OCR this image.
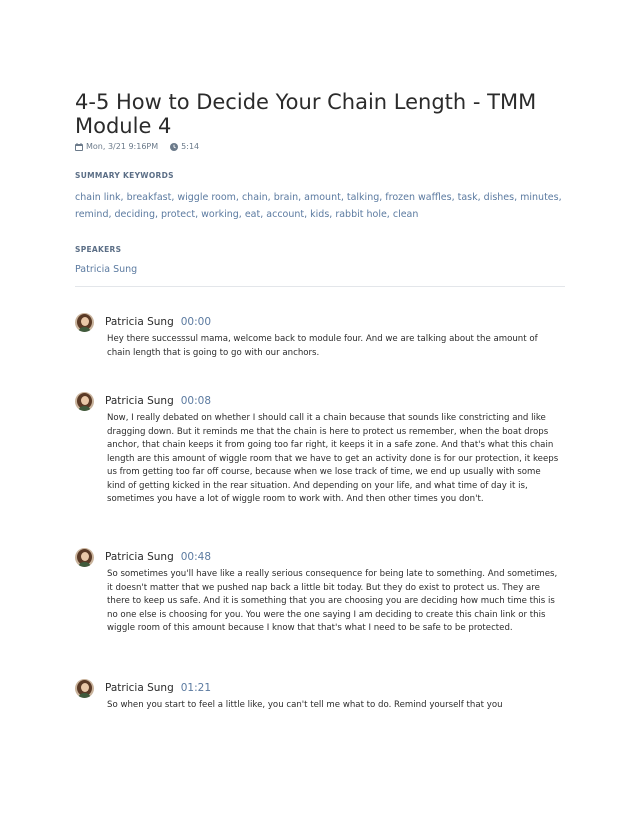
4-5 How to Decide Your Chain Length - TMM Module 4
Mon, 3/21 9:16PM	5:14
SUMMARY KEYWORDS
chain link, breakfast, wiggle room, chain, brain, amount, talking, frozen waffles, task, dishes, minutes, remind, deciding, protect, working, eat, account, kids, rabbit hole, clean
SPEAKERS
Patricia Sung
Patricia Sung 00:00
Hey there successsul mama, welcome back to module four. And we are talking about the amount of chain length that is going to go with our anchors.
Patricia Sung 00:08
Now, I really debated on whether I should call it a chain because that sounds like constricting and like dragging down. But it reminds me that the chain is here to protect us remember, when the boat drops anchor, that chain keeps it from going too far right, it keeps it in a safe zone. And that's what this chain length are this amount of wiggle room that we have to get an activity done is for our protection, it keeps us from getting too far off course, because when we lose track of time, we end up usually with some kind of getting kicked in the rear situation. And depending on your life, and what time of day it is, sometimes you have a lot of wiggle room to work with. And then other times you don't.
Patricia Sung 00:48
So sometimes you'll have like a really serious consequence for being late to something. And sometimes, it doesn't matter that we pushed nap back a little bit today. But they do exist to protect us. They are there to keep us safe. And it is something that you are choosing you are deciding how much time this is no one else is choosing for you. You were the one saying I am deciding to create this chain link or this wiggle room of this amount because I know that that's what I need to be safe to be protected.
Patricia Sung 01:21
So when you start to feel a little like, you can't tell me what to do. Remind yourself that you
